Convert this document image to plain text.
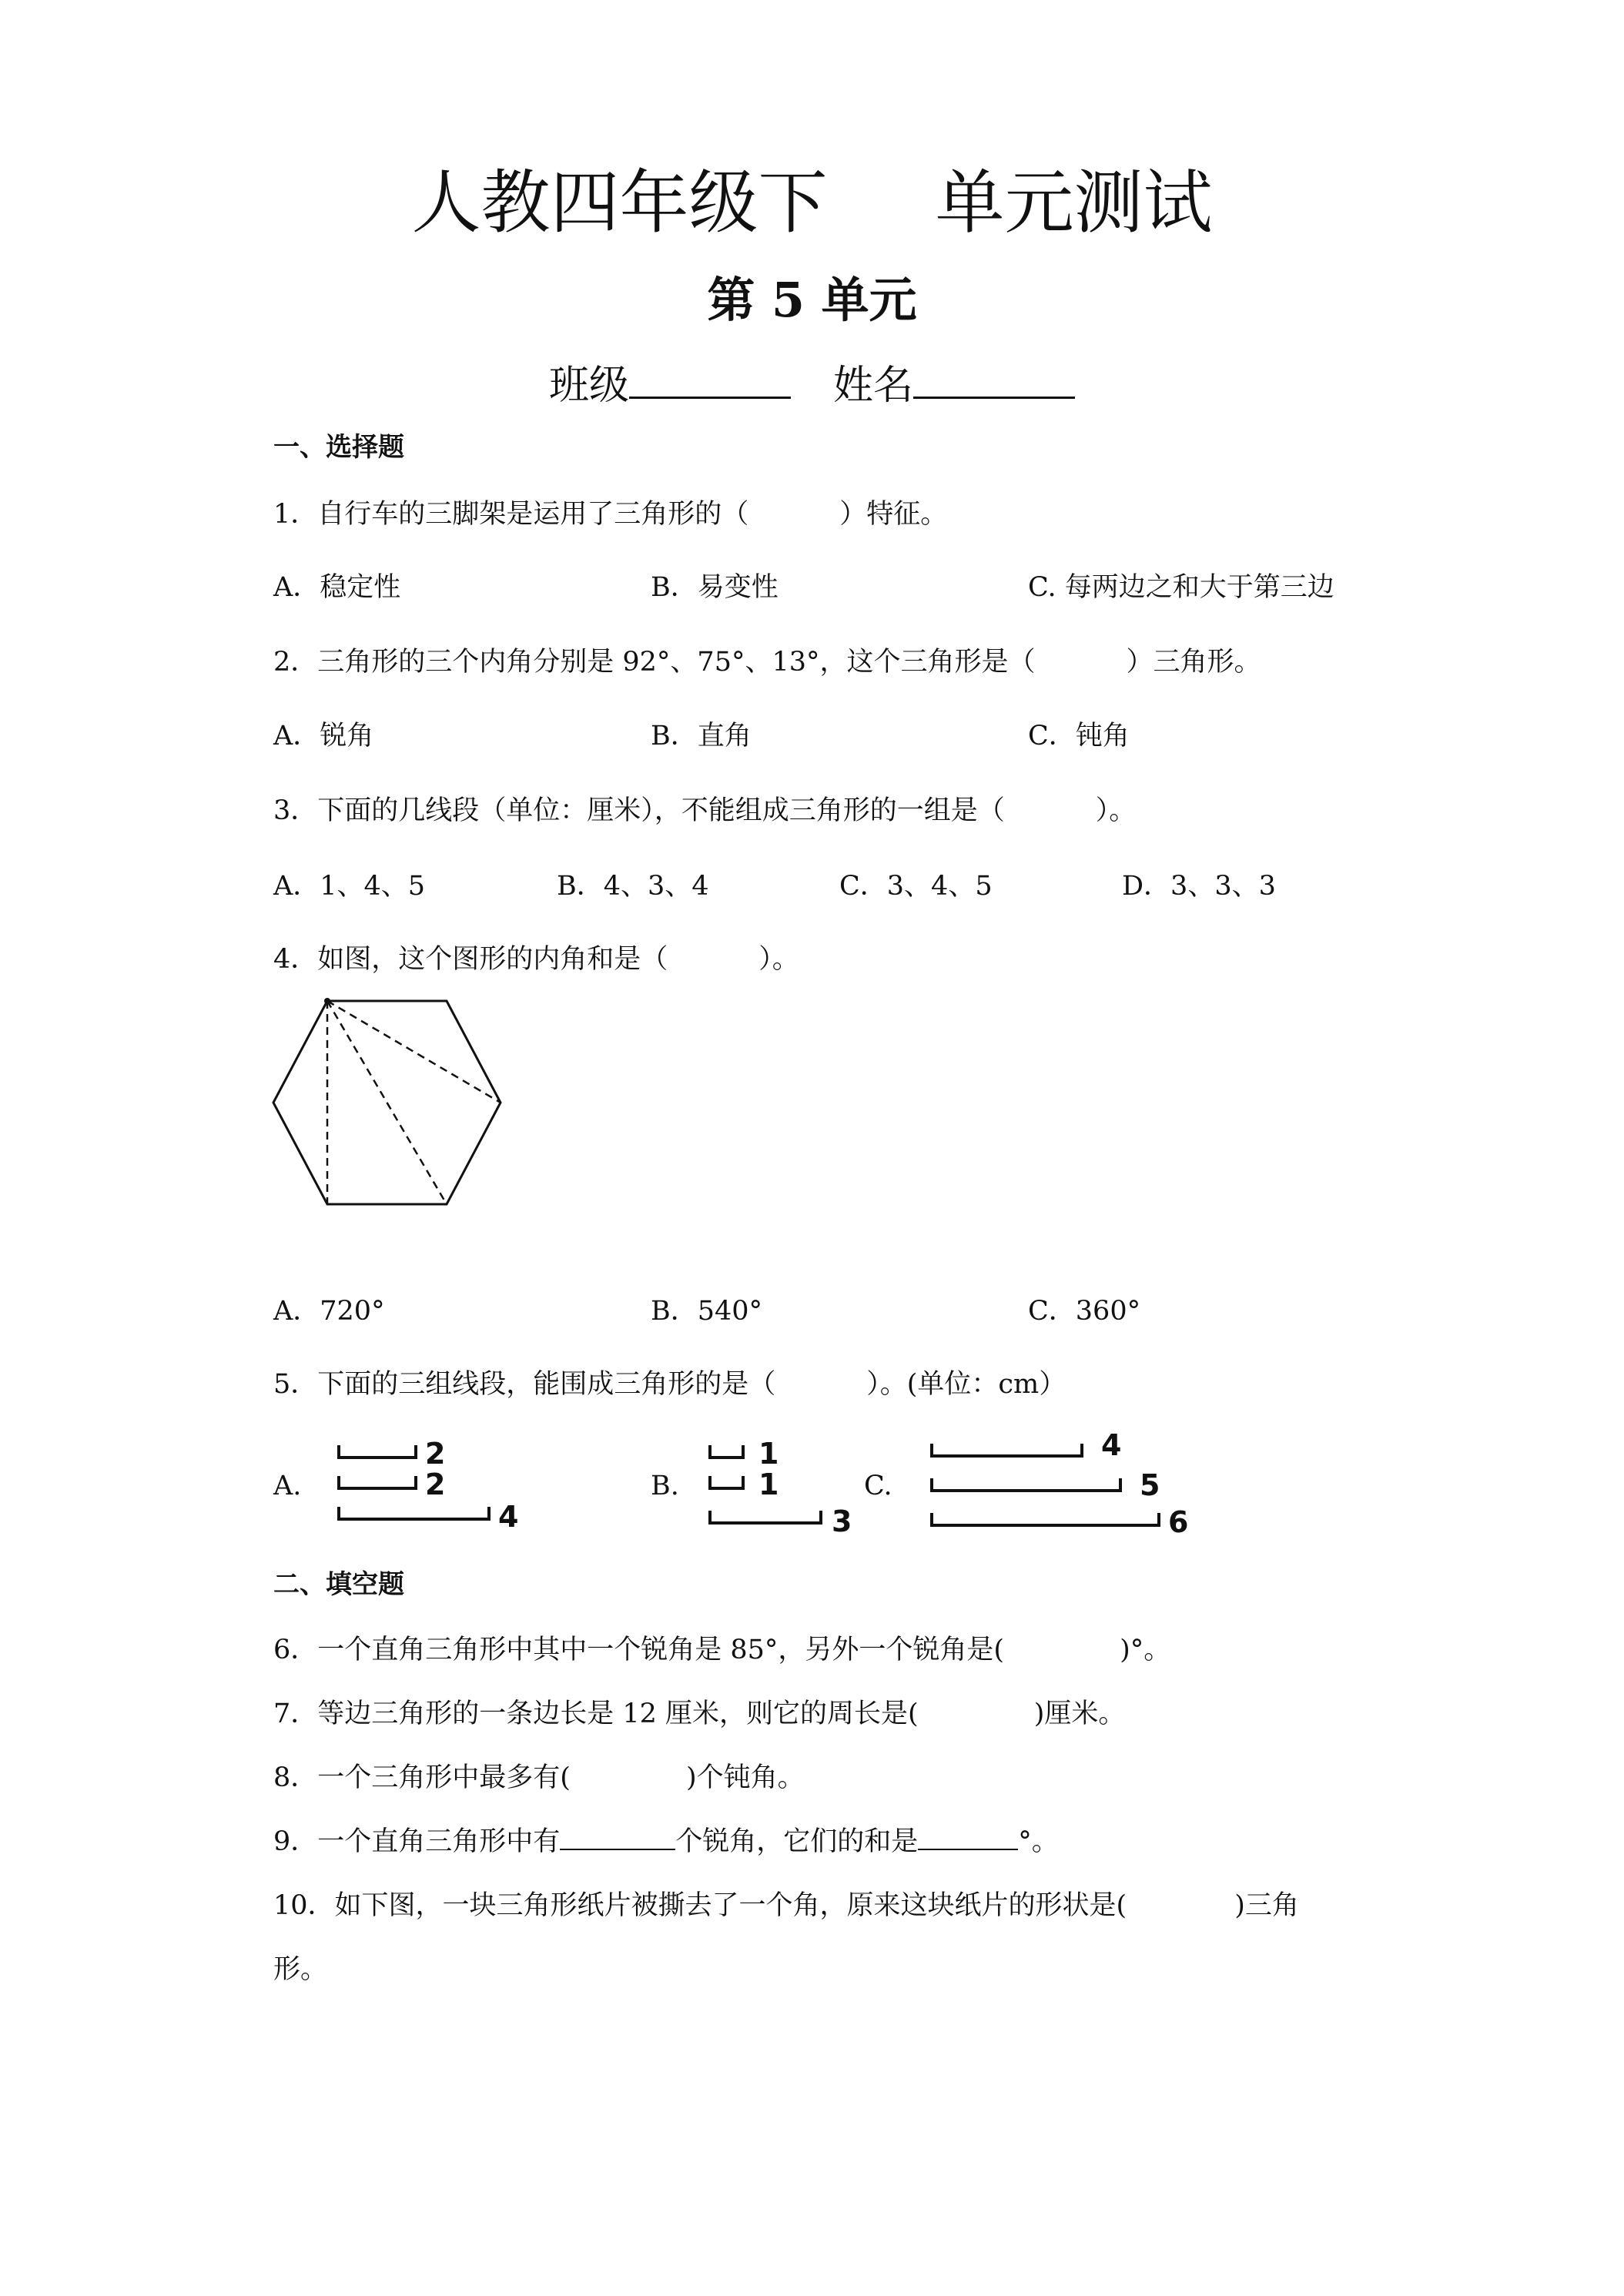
人教四年级下 单元测试
第 5 单元
班级	姓名
一、选择题
1．自行车的三脚架是运用了三角形的（	）特征。
A．稳定性	B．易变性	C. 每两边之和大于第三边
2．三角形的三个内角分别是 92°、75°、13°，这个三角形是（	）三角形。
A．锐角	B．直角	C．钝角
3．下面的几线段（单位：厘米），不能组成三角形的一组是（	）。
A．1、4、5	B．4、3、4	C．3、4、5	D．3、3、3
4．如图，这个图形的内角和是（	）。
A．720°	B．540°	C．360°
5．下面的三组线段，能围成三角形的是（	）。(单位：cm）
A.
2
2
4
B.
1
1
3
C.
4
5
6
二、填空题
6．一个直角三角形中其中一个锐角是 85°，另外一个锐角是(	)°。
7．等边三角形的一条边长是 12 厘米，则它的周长是(	)厘米。
8．一个三角形中最多有(	)个钝角。
9．一个直角三角形中有	个锐角，它们的和是	°。
10．如下图，一块三角形纸片被撕去了一个角，原来这块纸片的形状是(	)三角
形。
